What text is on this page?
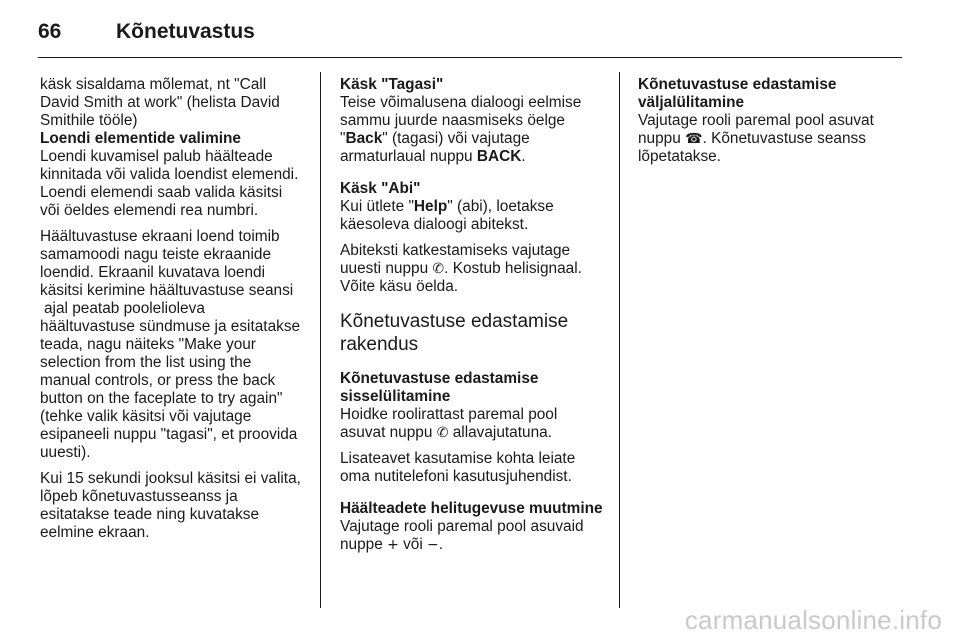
66	Kõnetuvastus

käsk sisaldama mõlemat, nt "Call David Smith at work" (helista David Smithile tööle)

Loendi elementide valimine

Loendi kuvamisel palub häälteade kinnitada või valida loendist elemendi. Loendi elemendi saab valida käsitsi või öeldes elemendi rea numbri.

Häältuvastuse ekraani loend toimib samamoodi nagu teiste ekraanide loendid. Ekraanil kuvatava loendi käsitsi kerimine häältuvastuse seansi ajal peatab poolelioleva häältuvastuse sündmuse ja esitatakse teada, nagu näiteks "Make your selection from the list using the manual controls, or press the back button on the faceplate to try again" (tehke valik käsitsi või vajutage esipaneeli nuppu "tagasi", et proovida uuesti).

Kui 15 sekundi jooksul käsitsi ei valita, lõpeb kõnetuvastusseanss ja esitatakse teade ning kuvatakse eelmine ekraan.

Käsk "Tagasi"

Teise võimalusena dialoogi eelmise sammu juurde naasmiseks öelge "Back" (tagasi) või vajutage armaturlaual nuppu BACK.

Käsk "Abi"

Kui ütlete "Help" (abi), loetakse käesoleva dialoogi abitekst.

Abiteksti katkestamiseks vajutage uuesti nuppu ✆. Kostub helisignaal. Võite käsu öelda.

Kõnetuvastuse edastamise rakendus

Kõnetuvastuse edastamise sisselülitamine

Hoidke roolirattast paremal pool asuvat nuppu ✆ allavajutatuna.

Lisateavet kasutamise kohta leiate oma nutitelefoni kasutusjuhendist.

Häälteadete helitugevuse muutmine

Vajutage rooli paremal pool asuvaid nuppe + või −.

Kõnetuvastuse edastamise väljalülitamine

Vajutage rooli paremal pool asuvat nuppu ☎. Kõnetuvastuse seanss lõpetatakse.

carmanualsonline.info
